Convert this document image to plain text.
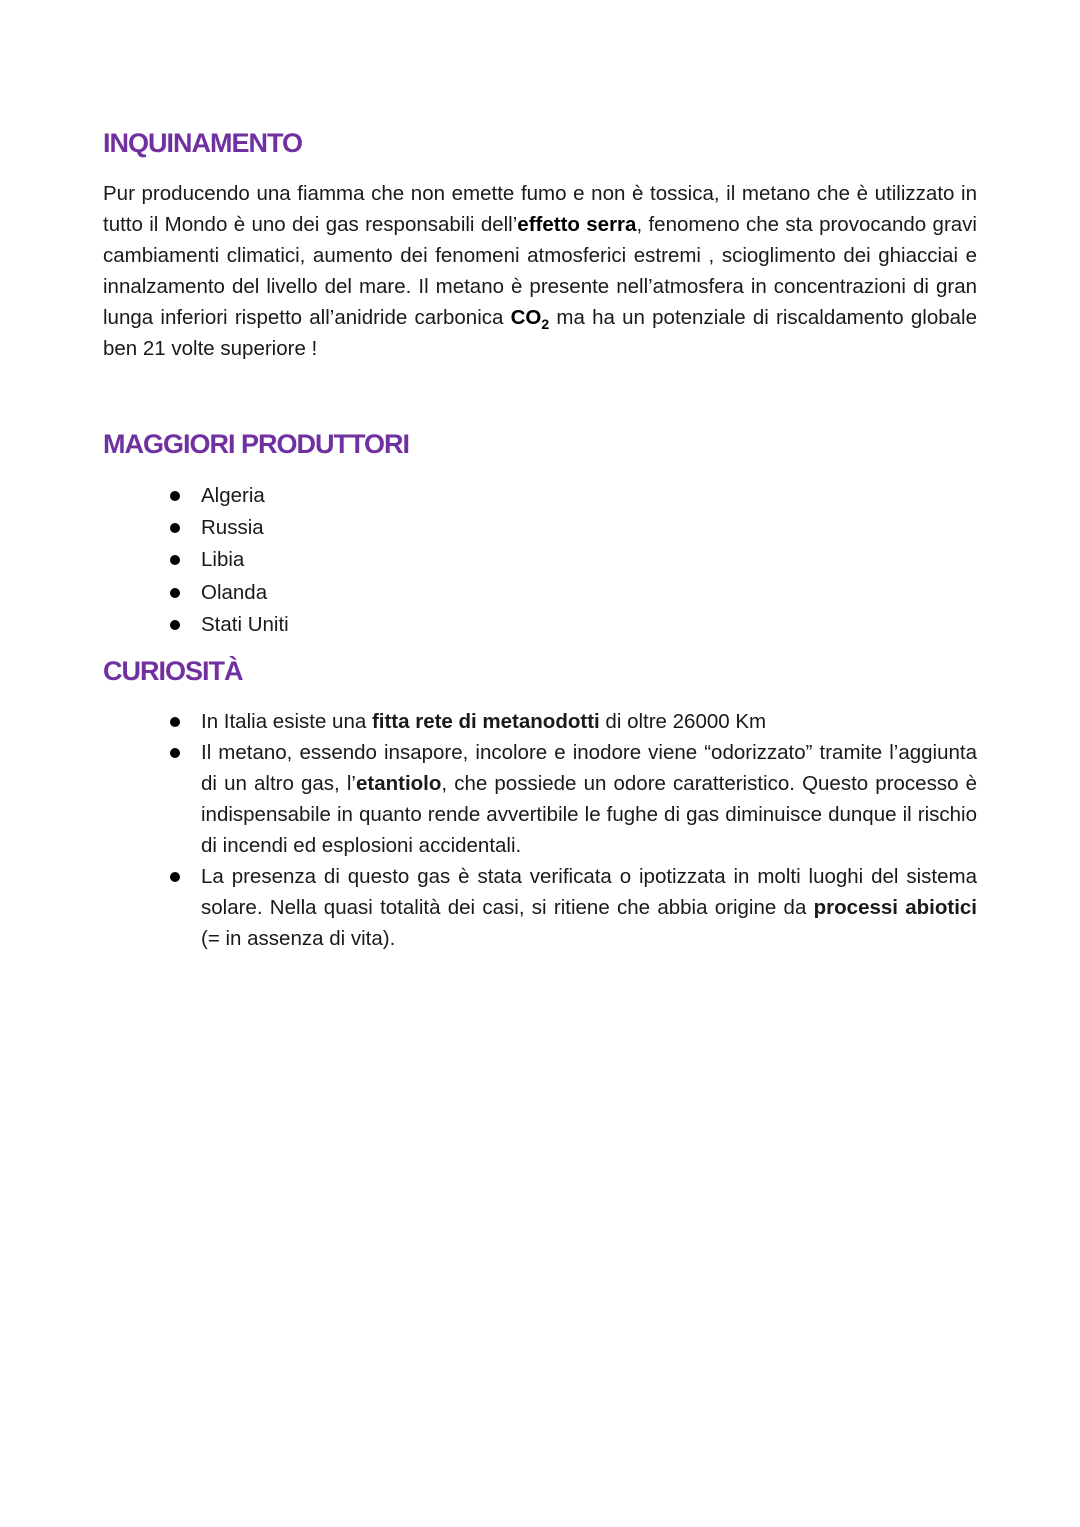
INQUINAMENTO

Pur producendo una fiamma che non emette fumo e non è tossica, il metano che è utilizzato in tutto il Mondo è uno dei gas responsabili dell’effetto serra, fenomeno che sta provocando gravi cambiamenti climatici, aumento dei fenomeni atmosferici estremi , scioglimento dei ghiacciai e innalzamento del livello del mare. Il metano è presente nell’atmosfera in concentrazioni di gran lunga inferiori rispetto all’anidride carbonica $CO_2$ ma ha un potenziale di riscaldamento globale ben 21 volte superiore !

MAGGIORI PRODUTTORI
Algeria
Russia
Libia
Olanda
Stati Uniti
CURIOSITÀ
In Italia esiste una fitta rete di metanodotti di oltre 26000 Km
Il metano, essendo insapore, incolore e inodore viene “odorizzato” tramite l’aggiunta di un altro gas, l’etantiolo, che possiede un odore caratteristico. Questo processo è indispensabile in quanto rende avvertibile le fughe di gas diminuisce dunque il rischio di incendi ed esplosioni accidentali.
La presenza di questo gas è stata verificata o ipotizzata in molti luoghi del sistema solare. Nella quasi totalità dei casi, si ritiene che abbia origine da processi abiotici (= in assenza di vita).
